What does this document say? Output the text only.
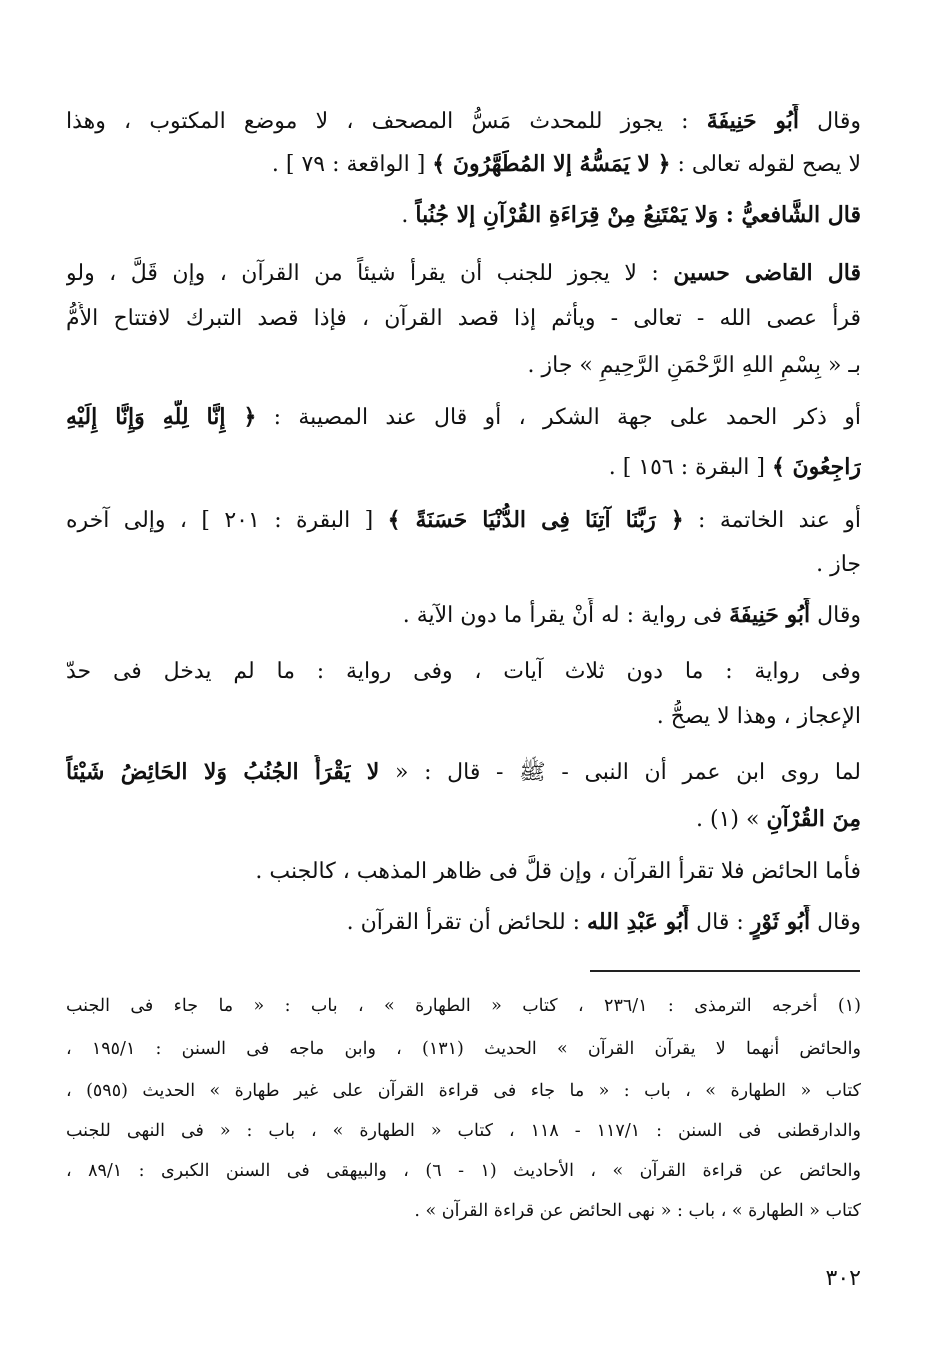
وقال أَبُو حَنِيفَةَ : يجوز للمحدث مَسُّ المصحف ، لا موضع المكتوب ، وهذا
لا يصح لقوله تعالى : ﴿ لا يَمَسُّهُ إلا المُطَهَّرُونَ ﴾ [ الواقعة : ٧٩ ] .
قال الشَّافعيُّ : وَلا يَمْتَنِعُ مِنْ قِرَاءَةِ القُرْآنِ إلا جُنُباً .
قال القاضى حسين : لا يجوز للجنب أن يقرأ شيئاً من القرآن ، وإن قَلَّ ، ولو
قرأ عصى الله - تعالى - ويأثم إذا قصد القرآن ، فإذا قصد التبرك لافتتاح الأُمُّ
بـ « بِسْمِ اللهِ الرَّحْمَنِ الرَّحِيمِ » جاز .
أو ذكر الحمد على جهة الشكر ، أو قال عند المصيبة : ﴿ إِنَّا لِلَّهِ وَإِنَّا إِلَيْهِ
رَاجِعُونَ ﴾ [ البقرة : ١٥٦ ] .
أو عند الخاتمة : ﴿ رَبَّنَا آتِنَا فِى الدُّنْيَا حَسَنَةً ﴾ [ البقرة : ٢٠١ ] ، وإلى آخره
جاز .
وقال أَبُو حَنِيفَةَ فى رواية : له أَنْ يقرأ ما دون الآية .
وفى رواية : ما دون ثلاث آيات ، وفى رواية : ما لم يدخل فى حدّ
الإعجاز ، وهذا لا يصحُّ .
لما روى ابن عمر أن النبى - ﷺ - قال : « لا يَقْرَأُ الجُنُبُ وَلا الحَائِضُ شَيْئاً
مِنَ القُرْآنِ » (١) .
فأما الحائض فلا تقرأ القرآن ، وإن قلَّ فى ظاهر المذهب ، كالجنب .
وقال أَبُو ثَوْرٍ : قال أَبُو عَبْدِ الله : للحائض أن تقرأ القرآن .
(١) أخرجه الترمذى : ٢٣٦/١ ، كتاب « الطهارة » ، باب : « ما جاء فى الجنب
والحائض أنهما لا يقرآن القرآن » الحديث (١٣١) ، وابن ماجه فى السنن : ١٩٥/١ ،
كتاب « الطهارة » ، باب : « ما جاء فى قراءة القرآن على غير طهارة » الحديث (٥٩٥) ،
والدارقطنى فى السنن : ١١٧/١ - ١١٨ ، كتاب « الطهارة » ، باب : « فى النهى للجنب
والحائض عن قراءة القرآن » ، الأحاديث (١ - ٦) ، والبيهقى فى السنن الكبرى : ٨٩/١ ،
كتاب « الطهارة » ، باب : « نهى الحائض عن قراءة القرآن » .
٣٠٢
